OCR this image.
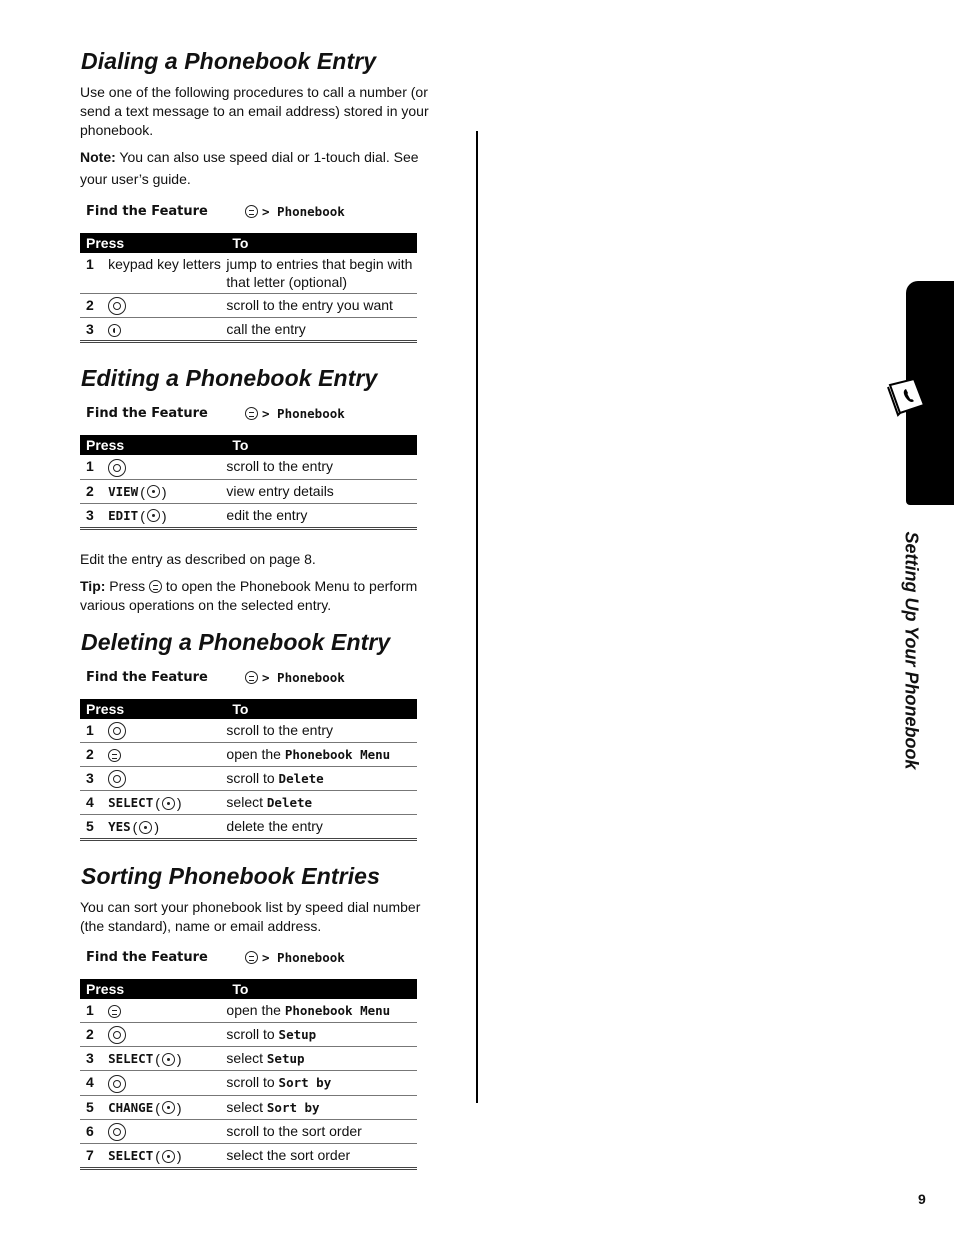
Setting Up Your Phonebook
Dialing a Phonebook Entry

Use one of the following procedures to call a number (or send a text message to an email address) stored in your phonebook.

Note: You can also use speed dial or 1-touch dial. See your user’s guide.

Find the Feature	> Phonebook
Press		To
1	keypad key letters	jump to entries that begin with that letter (optional)
2		scroll to the entry you want
3		call the entry
Editing a Phonebook Entry
Find the Feature	> Phonebook
Press		To
1		scroll to the entry
2	VIEW ( )	view entry details
3	EDIT ( )	edit the entry

Edit the entry as described on page 8.

Tip: Press  to open the Phonebook Menu to perform various operations on the selected entry.

Deleting a Phonebook Entry
Find the Feature	> Phonebook
Press		To
1		scroll to the entry
2		open the Phonebook Menu
3		scroll to Delete
4	SELECT ( )	select Delete
5	YES ( )	delete the entry
Sorting Phonebook Entries

You can sort your phonebook list by speed dial number (the standard), name or email address.

Find the Feature	> Phonebook
Press		To
1		open the Phonebook Menu
2		scroll to Setup
3	SELECT ( )	select Setup
4		scroll to Sort by
5	CHANGE ( )	select Sort by
6		scroll to the sort order
7	SELECT ( )	select the sort order
9
